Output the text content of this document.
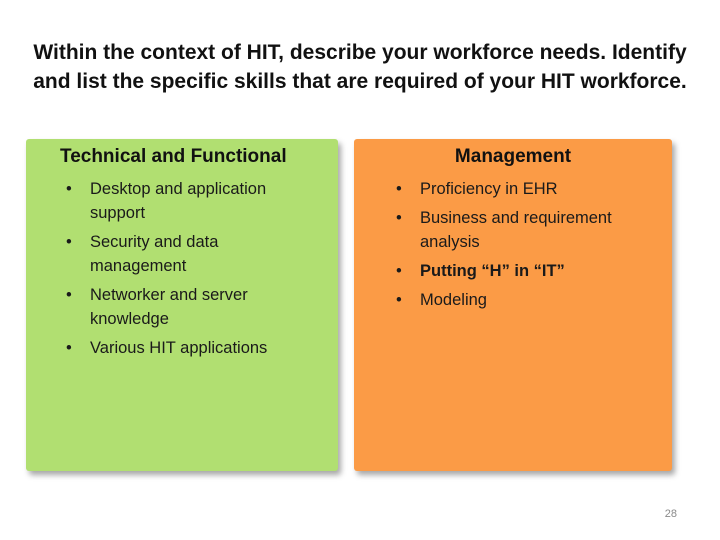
Within the context of HIT, describe your workforce needs. Identify and list the specific skills that are required of your HIT workforce.
Technical and Functional
• Desktop and application support
• Security and data management
• Networker and server knowledge
• Various HIT applications
Management
• Proficiency in EHR
• Business and requirement analysis
• Putting “H” in “IT”
• Modeling
28
